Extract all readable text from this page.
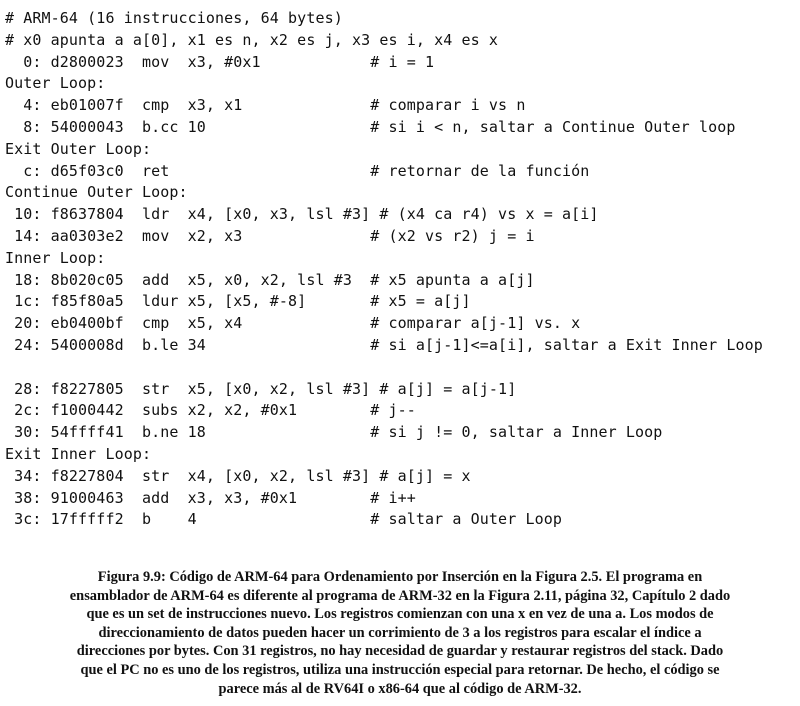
# ARM-64 (16 instrucciones, 64 bytes)
# x0 apunta a a[0], x1 es n, x2 es j, x3 es i, x4 es x
0: d2800023  mov  x3, #0x1            # i = 1
Outer Loop:
4: eb01007f  cmp  x3, x1              # comparar i vs n
8: 54000043  b.cc 10                  # si i < n, saltar a Continue Outer loop
Exit Outer Loop:
c: d65f03c0  ret                      # retornar de la función
Continue Outer Loop:
10: f8637804  ldr  x4, [x0, x3, lsl #3] # (x4 ca r4) vs x = a[i]
14: aa0303e2  mov  x2, x3              # (x2 vs r2) j = i
Inner Loop:
18: 8b020c05  add  x5, x0, x2, lsl #3  # x5 apunta a a[j]
1c: f85f80a5  ldur x5, [x5, #-8]       # x5 = a[j]
20: eb0400bf  cmp  x5, x4              # comparar a[j-1] vs. x
24: 5400008d  b.le 34                  # si a[j-1]<=a[i], saltar a Exit Inner Loop
28: f8227805  str  x5, [x0, x2, lsl #3] # a[j] = a[j-1]
2c: f1000442  subs x2, x2, #0x1        # j--
30: 54ffff41  b.ne 18                  # si j != 0, saltar a Inner Loop
Exit Inner Loop:
34: f8227804  str  x4, [x0, x2, lsl #3] # a[j] = x
38: 91000463  add  x3, x3, #0x1        # i++
3c: 17fffff2  b    4                   # saltar a Outer Loop
Figura 9.9: Código de ARM-64 para Ordenamiento por Inserción en la Figura 2.5. El programa en
ensamblador de ARM-64 es diferente al programa de ARM-32 en la Figura 2.11, página 32, Capítulo 2 dado
que es un set de instrucciones nuevo. Los registros comienzan con una x en vez de una a. Los modos de
direccionamiento de datos pueden hacer un corrimiento de 3 a los registros para escalar el índice a
direcciones por bytes. Con 31 registros, no hay necesidad de guardar y restaurar registros del stack. Dado
que el PC no es uno de los registros, utiliza una instrucción especial para retornar. De hecho, el código se
parece más al de RV64I o x86-64 que al código de ARM-32.
